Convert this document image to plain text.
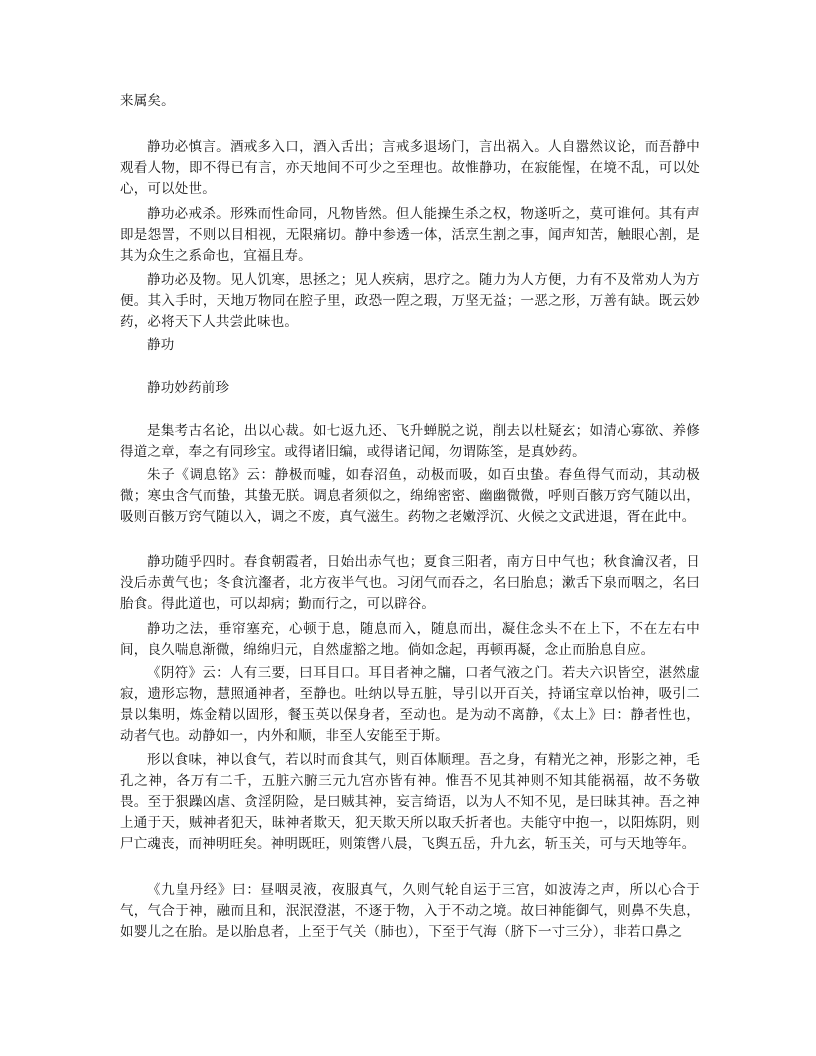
来属矣。

静功必慎言。酒戒多入口，酒入舌出；言戒多退场门，言出祸入。人自嚣然议论，而吾静中观看人物，即不得已有言，亦天地间不可少之至理也。故惟静功，在寂能惺，在境不乱，可以处心，可以处世。

静功必戒杀。形殊而性命同，凡物皆然。但人能操生杀之权，物遂听之，莫可谁何。其有声即是怨詈，不则以目相视，无限痛切。静中参透一体，活烹生割之事，闻声知苦，触眼心割，是其为众生之系命也，宜福且寿。

静功必及物。见人饥寒，思拯之；见人疾病，思疗之。随力为人方便，力有不及常劝人为方便。其入手时，天地万物同在腔子里，政恐一隉之瑕，万坚无益；一恶之形，万善有缺。既云妙药，必将天下人共尝此味也。

静功

静功妙药前珍

是集考古名论，出以心裁。如七返九还、飞升蝉脱之说，削去以杜疑玄；如清心寡欲、养修得道之章，奉之有同珍宝。或得诸旧编，或得诸记闻，勿谓陈筌，是真妙药。

朱子《调息铭》云：静极而嘘，如春沼鱼，动极而吸，如百虫蛰。春鱼得气而动，其动极微；寒虫含气而蛰，其蛰无朕。调息者须似之，绵绵密密、幽幽微微，呼则百骸万窍气随以出，吸则百骸万窍气随以入，调之不废，真气滋生。药物之老嫩浮沉、火候之文武进退，胥在此中。

静功随乎四时。春食朝霞者，日始出赤气也；夏食三阳者，南方日中气也；秋食瀹汉者，日没后赤黄气也；冬食沆瀣者，北方夜半气也。习闭气而吞之，名曰胎息；漱舌下泉而咽之，名曰胎食。得此道也，可以却病；勤而行之，可以辟谷。

静功之法，垂帘塞充，心顿于息，随息而入，随息而出，凝住念头不在上下，不在左右中间，良久喘息渐微，绵绵归元，自然虚豁之地。倘如念起，再顿再凝，念止而胎息自应。

《阴符》云：人有三要，曰耳目口。耳目者神之牖，口者气液之门。若夫六识皆空，湛然虚寂，遗形忘物，慧照通神者，至静也。吐纳以导五脏，导引以开百关，持诵宝章以怡神，吸引二景以集明，炼金精以固形，餐玉英以保身者，至动也。是为动不离静，《太上》曰：静者性也，动者气也。动静如一，内外和顺，非至人安能至于斯。

形以食味，神以食气，若以时而食其气，则百体顺理。吾之身，有精光之神，形影之神，毛孔之神，各万有二千，五脏六腑三元九宫亦皆有神。惟吾不见其神则不知其能祸福，故不务敬畏。至于狠躁凶虐、贪淫阴险，是曰贼其神，妄言绮语，以为人不知不见，是曰昧其神。吾之神上通于天，贼神者犯天，昧神者欺天，犯天欺天所以取夭折者也。夫能守中抱一，以阳炼阴，则尸亡魂丧，而神明旺矣。神明既旺，则策辔八晨，飞舆五岳，升九玄，斩玉关，可与天地等年。

《九皇丹经》曰：昼咽灵液，夜服真气，久则气轮自运于三宫，如波涛之声，所以心合于气，气合于神，融而且和，泯泯澄湛，不逐于物，入于不动之境。故曰神能御气，则鼻不失息，如婴儿之在胎。是以胎息者，上至于气关（肺也），下至于气海（脐下一寸三分），非若口鼻之
